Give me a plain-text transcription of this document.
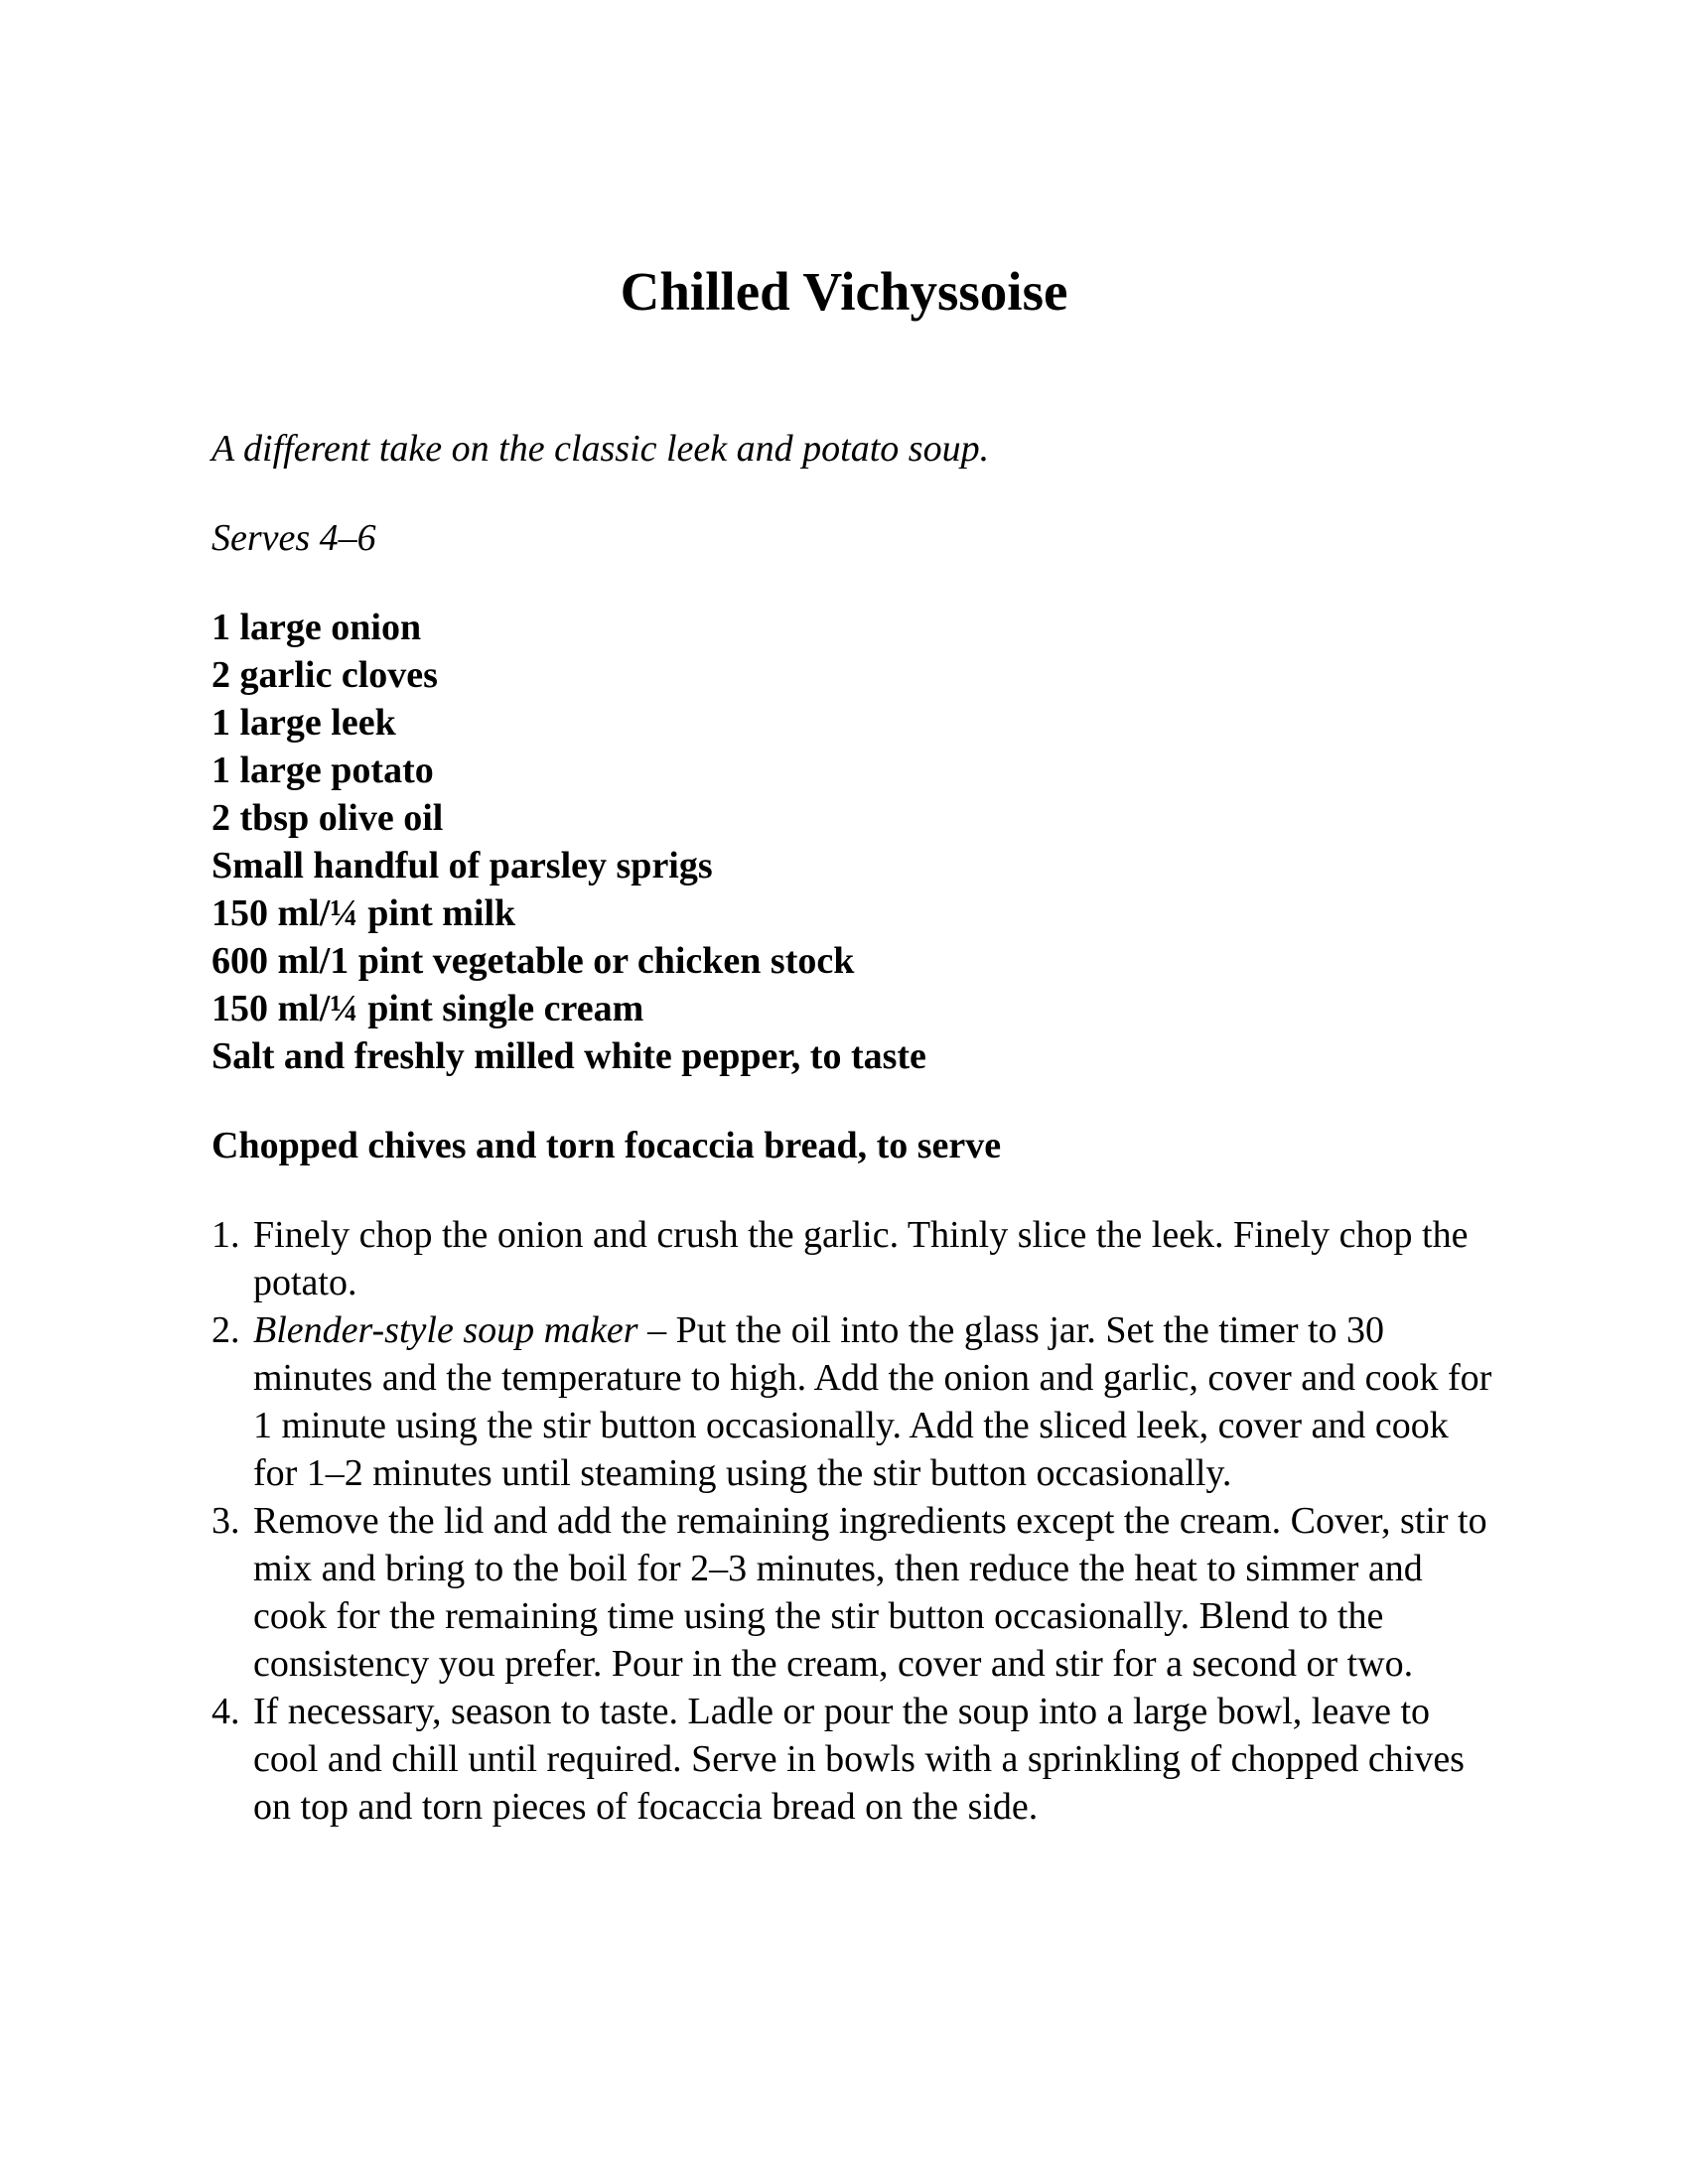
Chilled Vichyssoise

A different take on the classic leek and potato soup.

Serves 4–6

1 large onion
2 garlic cloves
1 large leek
1 large potato
2 tbsp olive oil
Small handful of parsley sprigs
150 ml/¼ pint milk
600 ml/1 pint vegetable or chicken stock
150 ml/¼ pint single cream
Salt and freshly milled white pepper, to taste

Chopped chives and torn focaccia bread, to serve

1. Finely chop the onion and crush the garlic. Thinly slice the leek. Finely chop the potato.
2. Blender-style soup maker – Put the oil into the glass jar. Set the timer to 30 minutes and the temperature to high. Add the onion and garlic, cover and cook for 1 minute using the stir button occasionally. Add the sliced leek, cover and cook for 1–2 minutes until steaming using the stir button occasionally.
3. Remove the lid and add the remaining ingredients except the cream. Cover, stir to mix and bring to the boil for 2–3 minutes, then reduce the heat to simmer and cook for the remaining time using the stir button occasionally. Blend to the consistency you prefer. Pour in the cream, cover and stir for a second or two.
4. If necessary, season to taste. Ladle or pour the soup into a large bowl, leave to cool and chill until required. Serve in bowls with a sprinkling of chopped chives on top and torn pieces of focaccia bread on the side.
